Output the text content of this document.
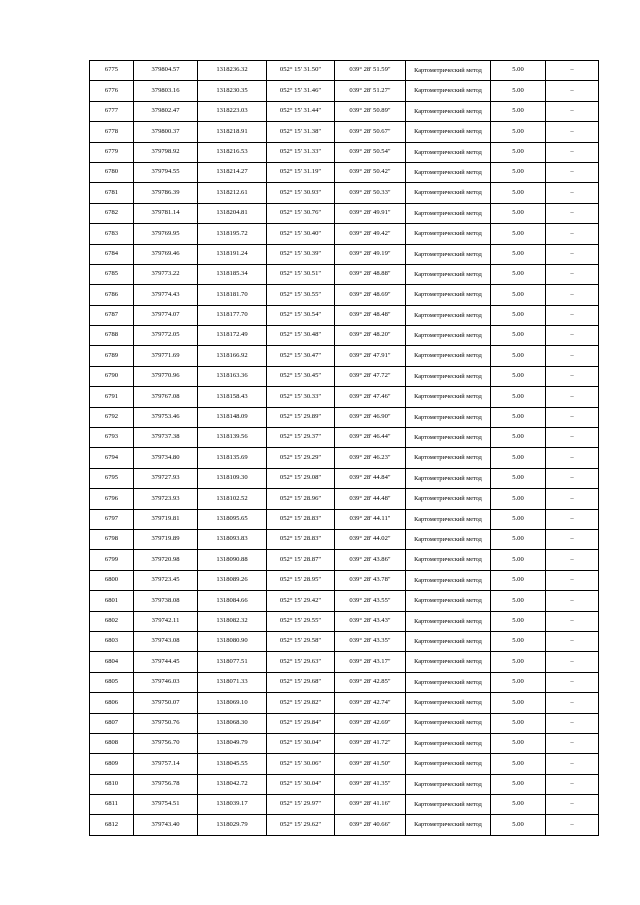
6775	379804.57	1318236.32	052° 15' 31.50"	039° 28' 51.59"	Картометрический метод	5.00	–
6776	379803.16	1318230.35	052° 15' 31.46"	039° 28' 51.27"	Картометрический метод	5.00	–
6777	379802.47	1318223.03	052° 15' 31.44"	039° 28' 50.89"	Картометрический метод	5.00	–
6778	379800.37	1318218.91	052° 15' 31.38"	039° 28' 50.67"	Картометрический метод	5.00	–
6779	379798.92	1318216.53	052° 15' 31.33"	039° 28' 50.54"	Картометрический метод	5.00	–
6780	379794.55	1318214.27	052° 15' 31.19"	039° 28' 50.42"	Картометрический метод	5.00	–
6781	379786.39	1318212.61	052° 15' 30.93"	039° 28' 50.33"	Картометрический метод	5.00	–
6782	379781.14	1318204.81	052° 15' 30.76"	039° 28' 49.91"	Картометрический метод	5.00	–
6783	379769.95	1318195.72	052° 15' 30.40"	039° 28' 49.42"	Картометрический метод	5.00	–
6784	379769.46	1318191.24	052° 15' 30.39"	039° 28' 49.19"	Картометрический метод	5.00	–
6785	379773.22	1318185.34	052° 15' 30.51"	039° 28' 48.88"	Картометрический метод	5.00	–
6786	379774.43	1318181.70	052° 15' 30.55"	039° 28' 48.69"	Картометрический метод	5.00	–
6787	379774.07	1318177.70	052° 15' 30.54"	039° 28' 48.48"	Картометрический метод	5.00	–
6788	379772.05	1318172.49	052° 15' 30.48"	039° 28' 48.20"	Картометрический метод	5.00	–
6789	379771.69	1318166.92	052° 15' 30.47"	039° 28' 47.91"	Картометрический метод	5.00	–
6790	379770.96	1318163.36	052° 15' 30.45"	039° 28' 47.72"	Картометрический метод	5.00	–
6791	379767.08	1318158.43	052° 15' 30.33"	039° 28' 47.46"	Картометрический метод	5.00	–
6792	379753.46	1318148.09	052° 15' 29.89"	039° 28' 46.90"	Картометрический метод	5.00	–
6793	379737.38	1318139.56	052° 15' 29.37"	039° 28' 46.44"	Картометрический метод	5.00	–
6794	379734.80	1318135.69	052° 15' 29.29"	039° 28' 46.23"	Картометрический метод	5.00	–
6795	379727.93	1318109.30	052° 15' 29.08"	039° 28' 44.84"	Картометрический метод	5.00	–
6796	379723.93	1318102.52	052° 15' 28.96"	039° 28' 44.48"	Картометрический метод	5.00	–
6797	379719.81	1318095.65	052° 15' 28.83"	039° 28' 44.11"	Картометрический метод	5.00	–
6798	379719.89	1318093.83	052° 15' 28.83"	039° 28' 44.02"	Картометрический метод	5.00	–
6799	379720.98	1318090.88	052° 15' 28.87"	039° 28' 43.86"	Картометрический метод	5.00	–
6800	379723.45	1318089.26	052° 15' 28.95"	039° 28' 43.78"	Картометрический метод	5.00	–
6801	379738.08	1318084.66	052° 15' 29.42"	039° 28' 43.55"	Картометрический метод	5.00	–
6802	379742.11	1318082.32	052° 15' 29.55"	039° 28' 43.43"	Картометрический метод	5.00	–
6803	379743.08	1318080.90	052° 15' 29.58"	039° 28' 43.35"	Картометрический метод	5.00	–
6804	379744.45	1318077.51	052° 15' 29.63"	039° 28' 43.17"	Картометрический метод	5.00	–
6805	379746.03	1318071.33	052° 15' 29.68"	039° 28' 42.85"	Картометрический метод	5.00	–
6806	379750.07	1318069.10	052° 15' 29.82"	039° 28' 42.74"	Картометрический метод	5.00	–
6807	379750.76	1318068.30	052° 15' 29.84"	039° 28' 42.69"	Картометрический метод	5.00	–
6808	379756.70	1318049.79	052° 15' 30.04"	039° 28' 41.72"	Картометрический метод	5.00	–
6809	379757.14	1318045.55	052° 15' 30.06"	039° 28' 41.50"	Картометрический метод	5.00	–
6810	379756.78	1318042.72	052° 15' 30.04"	039° 28' 41.35"	Картометрический метод	5.00	–
6811	379754.51	1318039.17	052° 15' 29.97"	039° 28' 41.16"	Картометрический метод	5.00	–
6812	379743.40	1318029.79	052° 15' 29.62"	039° 28' 40.66"	Картометрический метод	5.00	–
